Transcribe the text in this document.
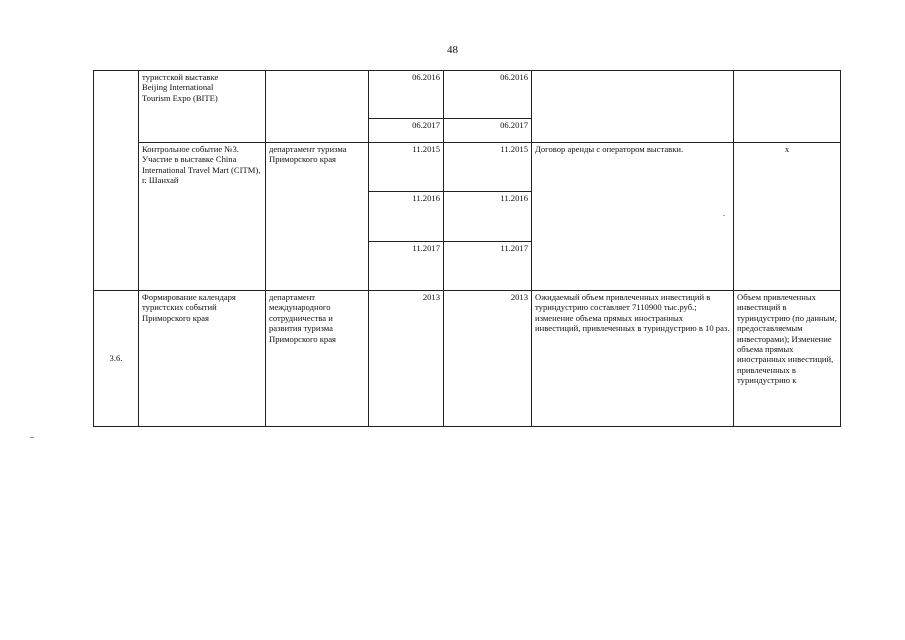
48
	туристской выставке
Beijing International
Tourism Expo (BITE)		06.2016	06.2016		
			06.2017	06.2017		
	Контрольное событие №3. Участие в выставке China International Travel Mart (CITM), г. Шанхай	департамент туризма Приморского края	11.2015	11.2015	Договор аренды с оператором выставки.	x
			11.2016	11.2016		
			11.2017	11.2017		
3.6.	Формирование календаря туристских событий Приморского края	департамент международного сотрудничества и развития туризма Приморского края	2013	2013	Ожидаемый объем привлеченных инвестиций в туриндустрию составляет 7110900 тыс.руб.; изменение объема прямых иностранных инвестиций, привлеченных в туриндустрию в 10 раз.	Объем привлеченных инвестиций в туриндустрию (по данным, предоставляемым инвесторами); Изменение объема прямых иностранных инвестиций, привлеченных в туриндустрию к
